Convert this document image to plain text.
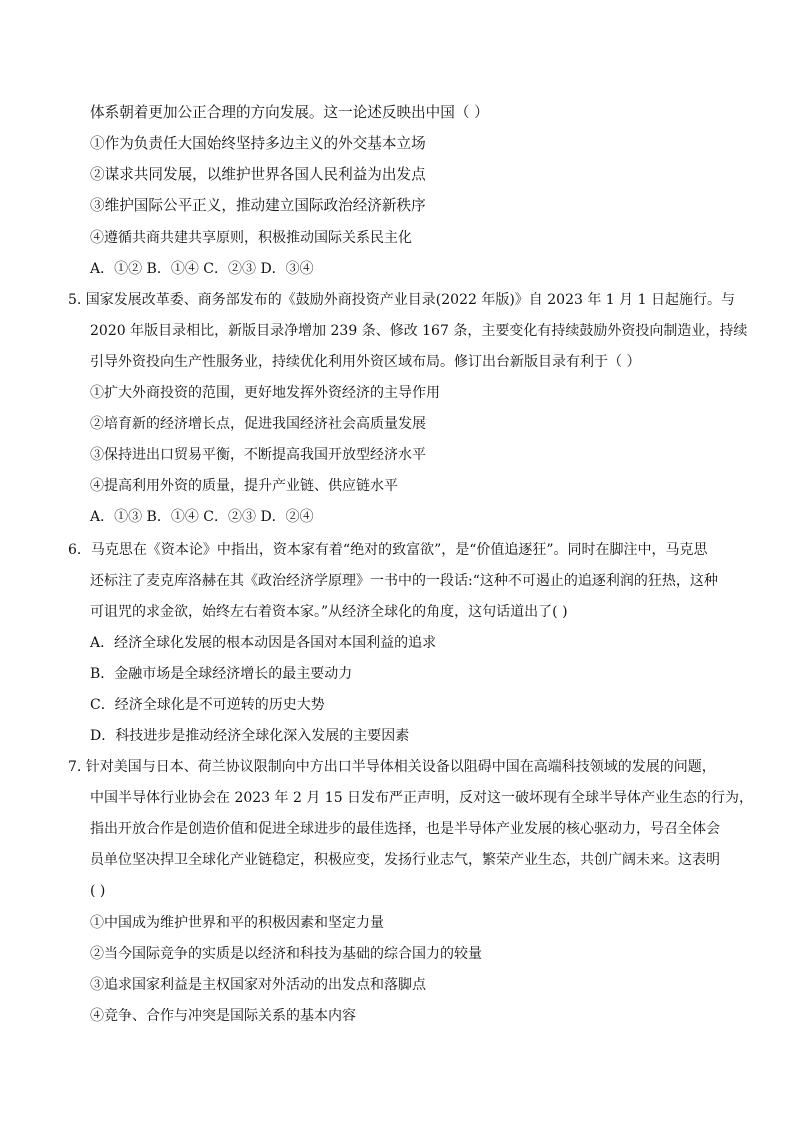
体系朝着更加公正合理的方向发展。这一论述反映出中国（ ）
①作为负责任大国始终坚持多边主义的外交基本立场
②谋求共同发展，以维护世界各国人民利益为出发点
③维护国际公平正义，推动建立国际政治经济新秩序
④遵循共商共建共享原则，积极推动国际关系民主化
A．①② B．①④ C．②③ D．③④
5. 国家发展改革委、商务部发布的《鼓励外商投资产业目录(2022 年版)》自 2023 年 1 月 1 日起施行。与
2020 年版目录相比，新版目录净增加 239 条、修改 167 条，主要变化有持续鼓励外资投向制造业，持续
引导外资投向生产性服务业，持续优化利用外资区域布局。修订出台新版目录有利于（ ）
①扩大外商投资的范围，更好地发挥外资经济的主导作用
②培育新的经济增长点，促进我国经济社会高质量发展
③保持进出口贸易平衡，不断提高我国开放型经济水平
④提高利用外资的质量，提升产业链、供应链水平
A．①③ B．①④ C．②③ D．②④
6．马克思在《资本论》中指出，资本家有着“绝对的致富欲”，是“价值追逐狂”。同时在脚注中，马克思
还标注了麦克库洛赫在其《政治经济学原理》一书中的一段话:“这种不可遏止的追逐利润的狂热，这种
可诅咒的求金欲，始终左右着资本家。”从经济全球化的角度，这句话道出了( )
A．经济全球化发展的根本动因是各国对本国利益的追求
B．金融市场是全球经济增长的最主要动力
C．经济全球化是不可逆转的历史大势
D．科技进步是推动经济全球化深入发展的主要因素
7. 针对美国与日本、荷兰协议限制向中方出口半导体相关设备以阻碍中国在高端科技领域的发展的问题，
中国半导体行业协会在 2023 年 2 月 15 日发布严正声明，反对这一破坏现有全球半导体产业生态的行为，
指出开放合作是创造价值和促进全球进步的最佳选择，也是半导体产业发展的核心驱动力，号召全体会
员单位坚决捍卫全球化产业链稳定，积极应变，发扬行业志气，繁荣产业生态，共创广阔未来。这表明
( )
①中国成为维护世界和平的积极因素和坚定力量
②当今国际竞争的实质是以经济和科技为基础的综合国力的较量
③追求国家利益是主权国家对外活动的出发点和落脚点
④竞争、合作与冲突是国际关系的基本内容
